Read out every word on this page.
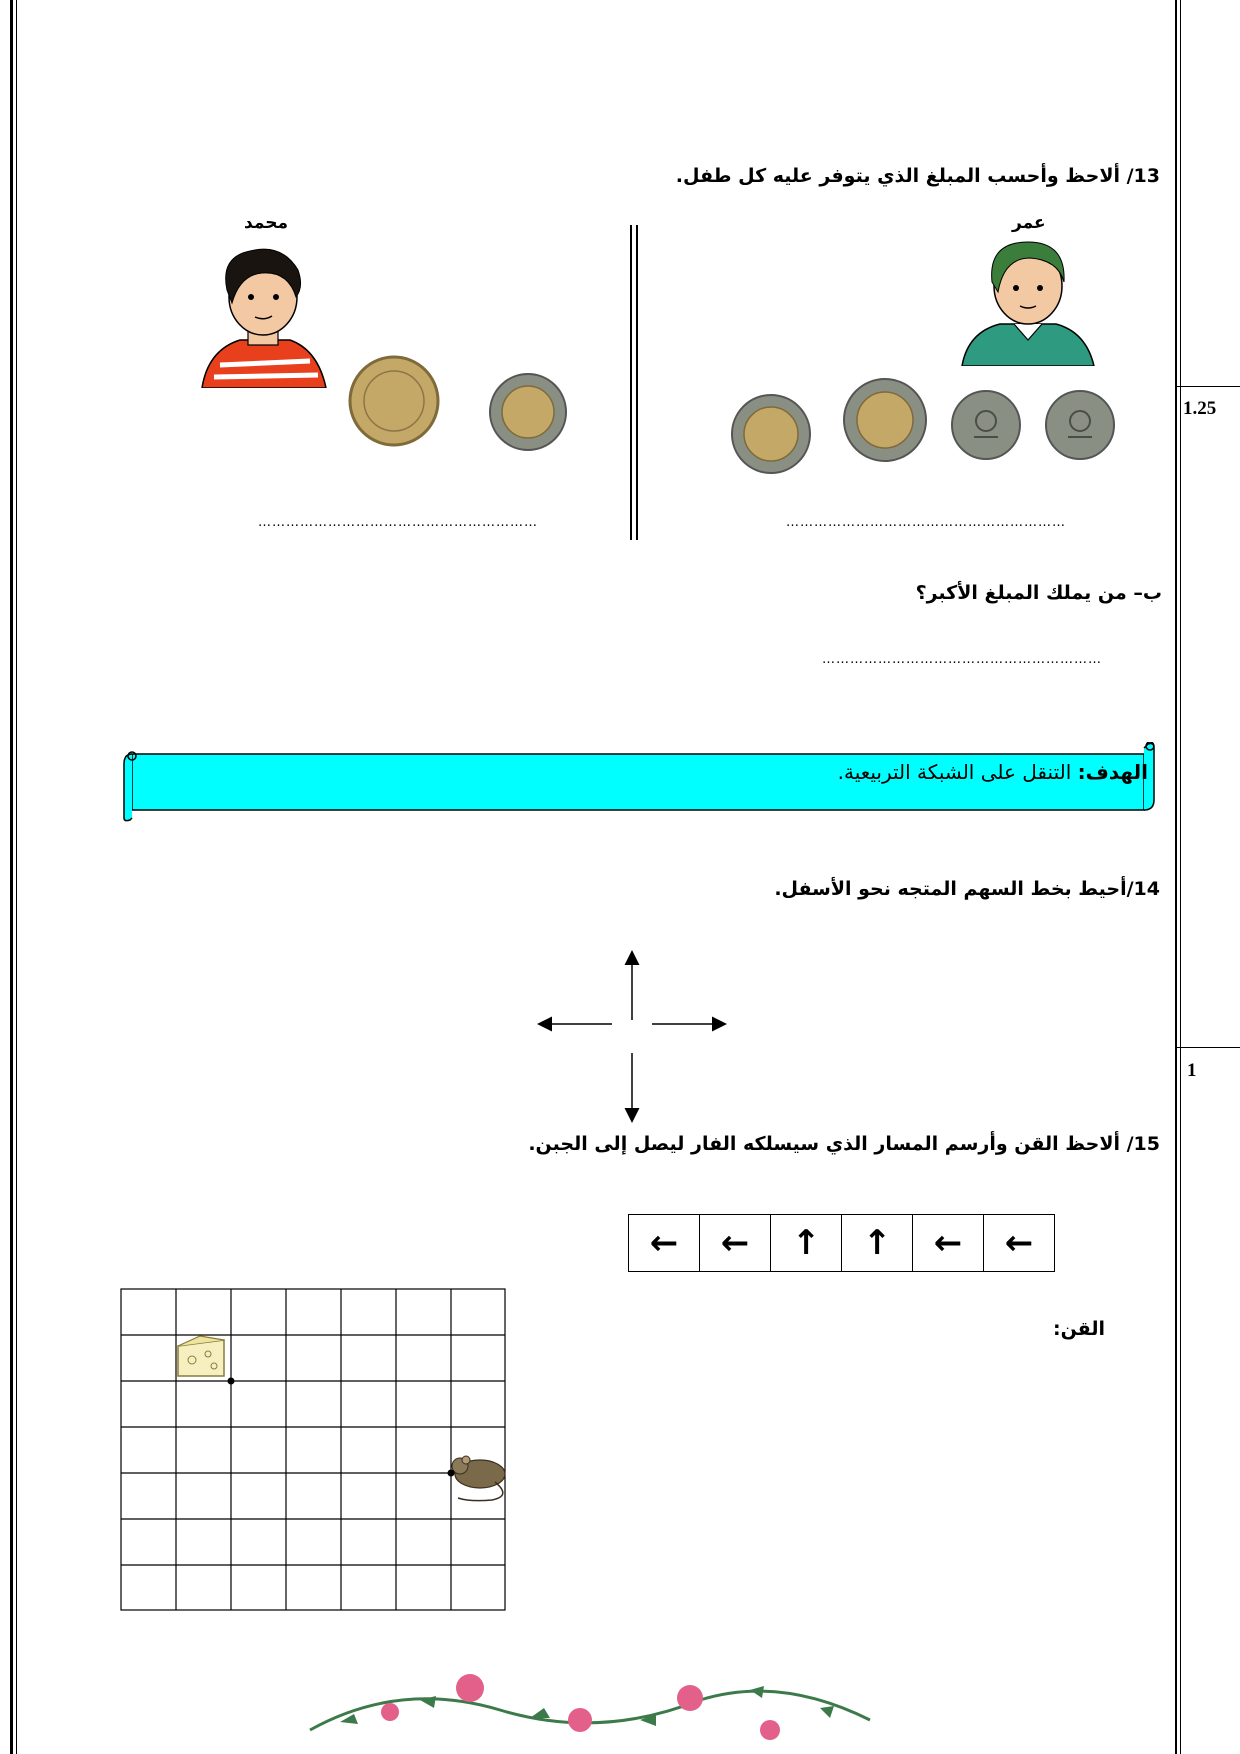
1.25
1
13/ ألاحظ وأحسب المبلغ الذي يتوفر عليه كل طفل.
محمد	عمر
……………………………………………………	……………………………………………………
ب– من يملك المبلغ الأكبر؟
……………………………………………………
الهدف: التنقل على الشبكة التربيعية.
14/أحيط بخط السهم المتجه نحو الأسفل.
15/ ألاحظ القن وأرسم المسار الذي سيسلكه الفار ليصل إلى الجبن.
القن:
←	←	↑	↑	←	←
